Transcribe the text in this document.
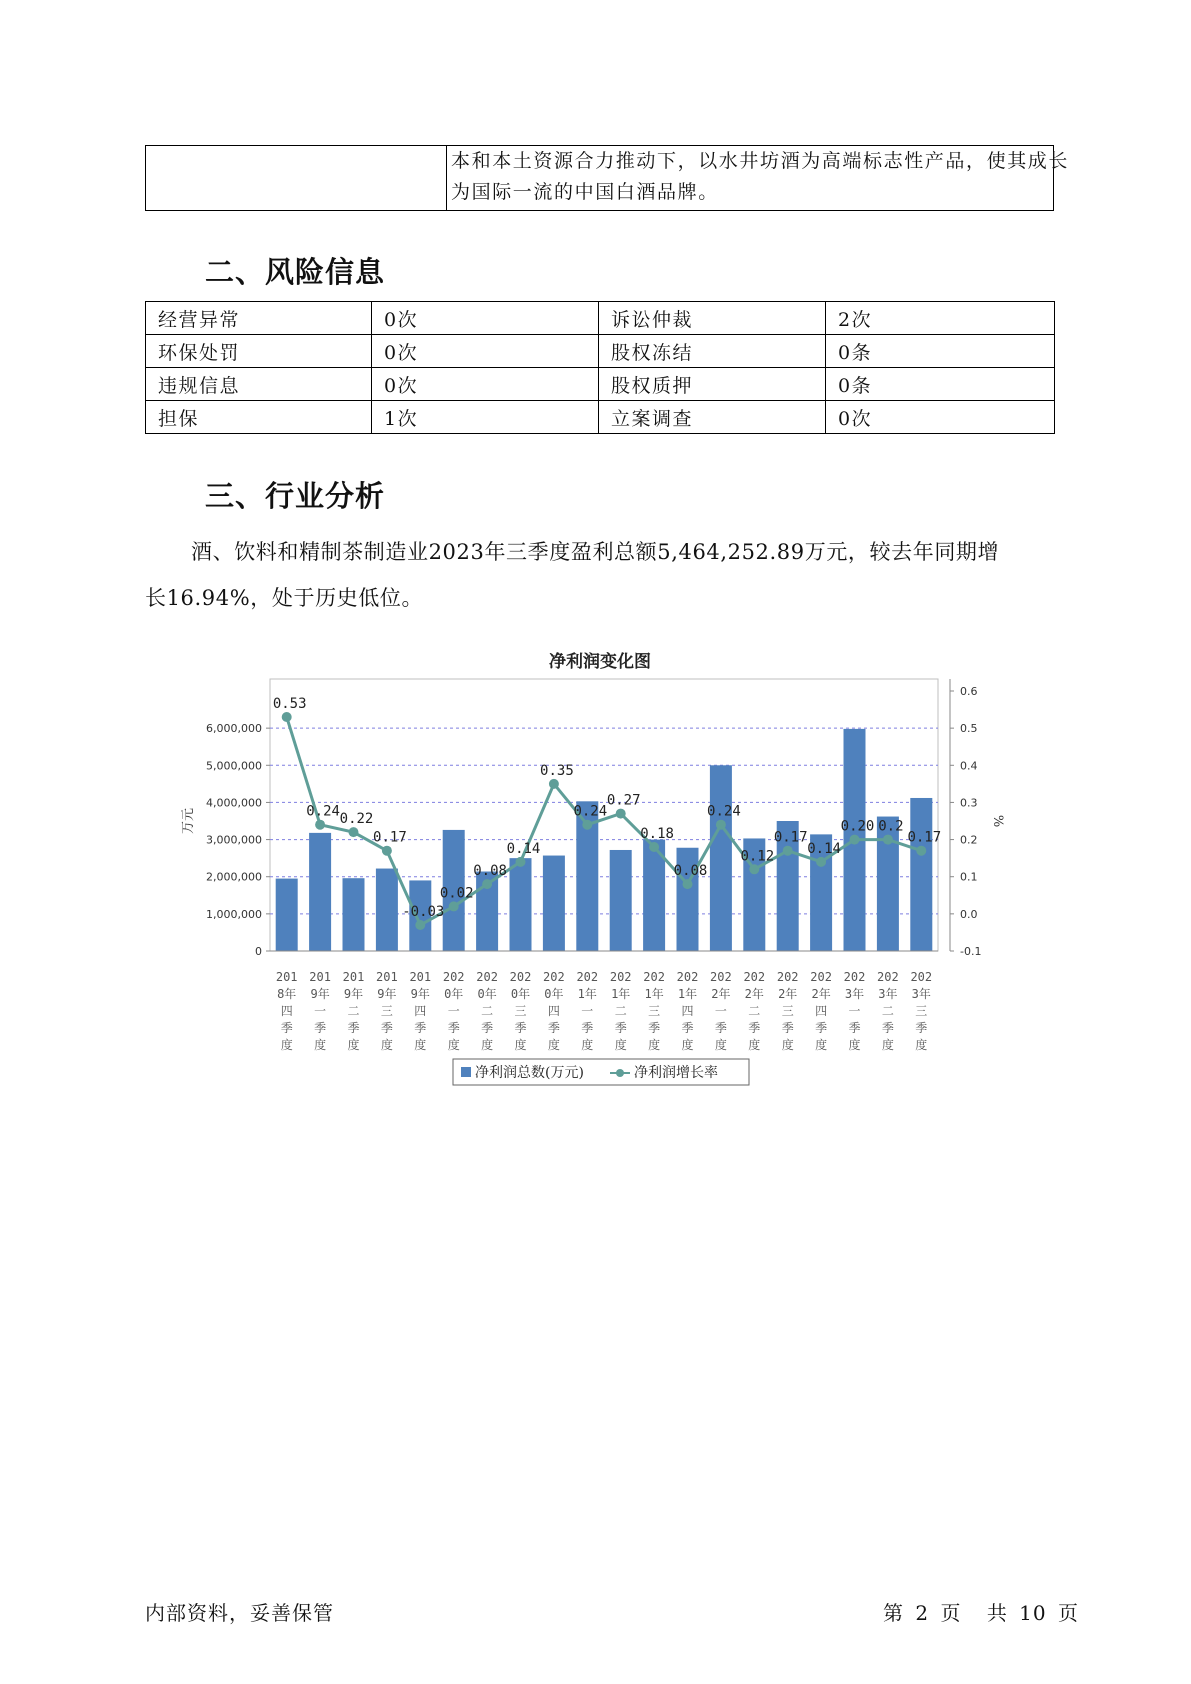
本和本土资源合力推动下，以水井坊酒为高端标志性产品，使其成长
为国际一流的中国白酒品牌。
二、风险信息
经营异常	0次	诉讼仲裁	2次
环保处罚	0次	股权冻结	0条
违规信息	0次	股权质押	0条
担保	1次	立案调查	0次
三、行业分析
酒、饮料和精制茶制造业2023年三季度盈利总额5,464,252.89万元，较去年同期增
长16.94%，处于历史低位。
净利润变化图
0
1,000,000
2,000,000
3,000,000
4,000,000
5,000,000
6,000,000
-0.1
0.0
0.1
0.2
0.3
0.4
0.5
0.6
万元	%
0.53
0.24 0.22
0.17
-0.03
0.02
0.08
0.14
0.35
0.24
0.27
0.18
0.08
0.24
0.12
0.17
0.14
0.20 0.2
0.17
201
8年
四
季
度
201
9年
一
季
度
201
9年
二
季
度
201
9年
三
季
度
201
9年
四
季
度
202
0年
一
季
度
202
0年
二
季
度
202
0年
三
季
度
202
0年
四
季
度
202
1年
一
季
度
202
1年
二
季
度
202
1年
三
季
度
202
1年
四
季
度
202
2年
一
季
度
202
2年
二
季
度
202
2年
三
季
度
202
2年
四
季
度
202
3年
一
季
度
202
3年
二
季
度
202
3年
三
季
度
净利润总数(万元)	净利润增长率
内部资料，妥善保管	第 2 页 共 10 页
